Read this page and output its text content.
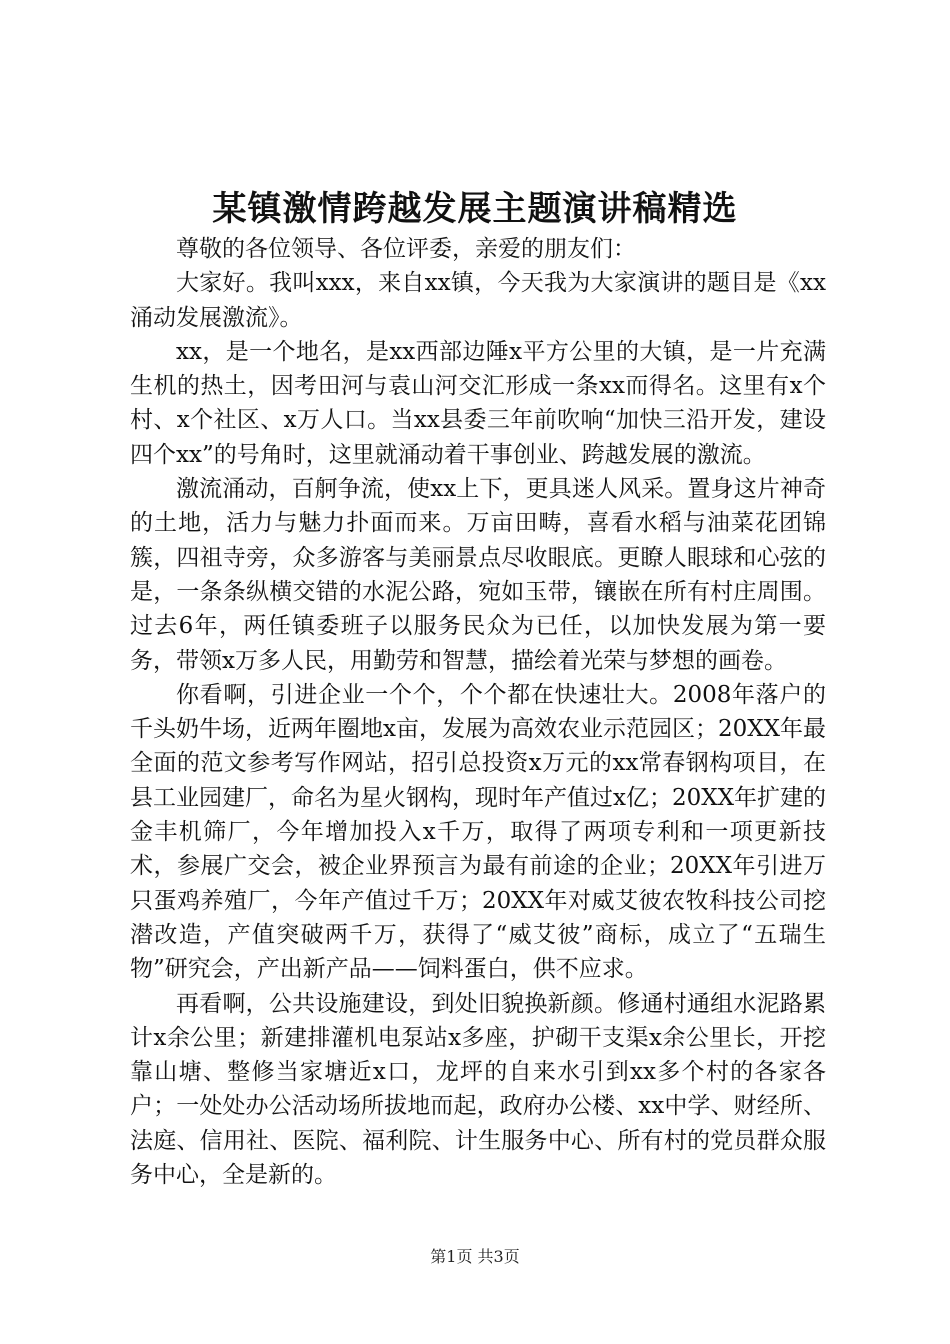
某镇激情跨越发展主题演讲稿精选

尊敬的各位领导、各位评委，亲爱的朋友们：

大家好。我叫xxx，来自xx镇，今天我为大家演讲的题目是《xx涌动发展激流》。

xx，是一个地名，是xx西部边陲x平方公里的大镇，是一片充满生机的热土，因考田河与袁山河交汇形成一条xx而得名。这里有x个村、x个社区、x万人口。当xx县委三年前吹响“加快三沿开发，建设四个xx”的号角时，这里就涌动着干事创业、跨越发展的激流。

激流涌动，百舸争流，使xx上下，更具迷人风采。置身这片神奇的土地，活力与魅力扑面而来。万亩田畴，喜看水稻与油菜花团锦簇，四祖寺旁，众多游客与美丽景点尽收眼底。更瞭人眼球和心弦的是，一条条纵横交错的水泥公路，宛如玉带，镶嵌在所有村庄周围。过去6年，两任镇委班子以服务民众为已任，以加快发展为第一要务，带领x万多人民，用勤劳和智慧，描绘着光荣与梦想的画卷。

你看啊，引进企业一个个，个个都在快速壮大。2008年落户的千头奶牛场，近两年圈地x亩，发展为高效农业示范园区；20XX年最全面的范文参考写作网站，招引总投资x万元的xx常春钢构项目，在县工业园建厂，命名为星火钢构，现时年产值过x亿；20XX年扩建的金丰机筛厂，今年增加投入x千万，取得了两项专利和一项更新技术，参展广交会，被企业界预言为最有前途的企业；20XX年引进万只蛋鸡养殖厂，今年产值过千万；20XX年对威艾彼农牧科技公司挖潜改造，产值突破两千万，获得了“威艾彼”商标，成立了“五瑞生物”研究会，产出新产品——饲料蛋白，供不应求。

再看啊，公共设施建设，到处旧貌换新颜。修通村通组水泥路累计x余公里；新建排灌机电泵站x多座，护砌干支渠x余公里长，开挖靠山塘、整修当家塘近x口，龙坪的自来水引到xx多个村的各家各户；一处处办公活动场所拔地而起，政府办公楼、xx中学、财经所、法庭、信用社、医院、福利院、计生服务中心、所有村的党员群众服务中心，全是新的。

第1页 共3页
